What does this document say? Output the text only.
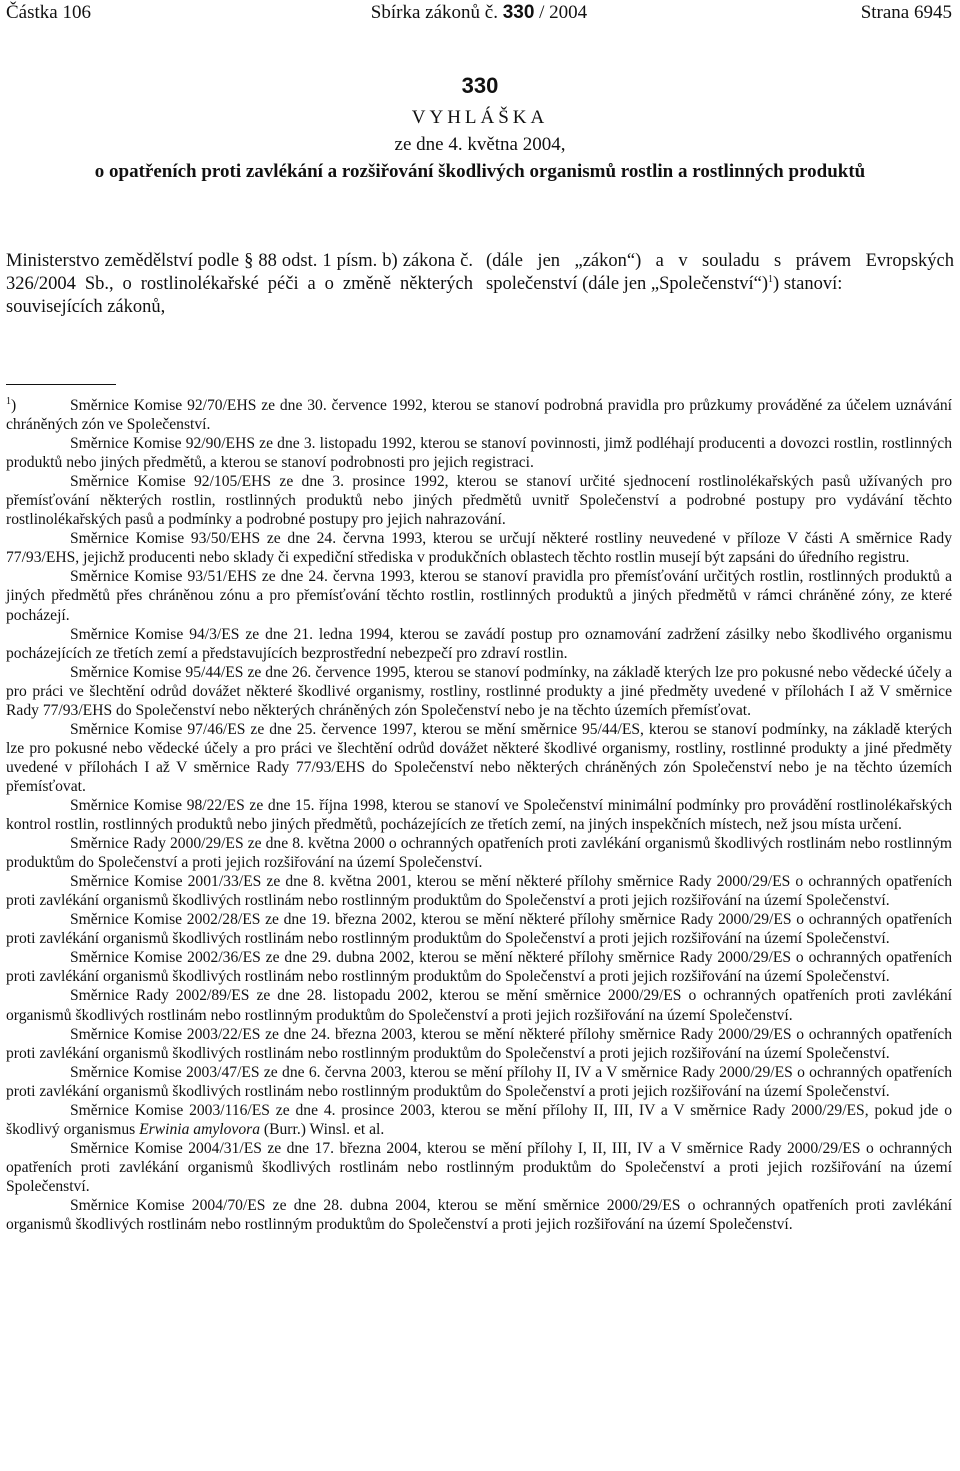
Částka 106	Sbírka zákonů č. 330 / 2004	Strana 6945
330
VYHLÁŠKA
ze dne 4. května 2004,
o opatřeních proti zavlékání a rozšiřování škodlivých organismů rostlin a rostlinných produktů
Ministerstvo zemědělství podle § 88 odst. 1 písm. b) zákona č. 326/2004 Sb., o rostlinolékařské péči a o změně některých souvisejících zákonů,
(dále jen „zákon“) a v souladu s právem Evropských společenství (dále jen „Společenství“)$^1$) stanoví:

$^1$)	Směrnice Komise 92/70/EHS ze dne 30. července 1992, kterou se stanoví podrobná pravidla pro průzkumy prováděné za účelem uznávání chráněných zón ve Společenství.

Směrnice Komise 92/90/EHS ze dne 3. listopadu 1992, kterou se stanoví povinnosti, jimž podléhají producenti a dovozci rostlin, rostlinných produktů nebo jiných předmětů, a kterou se stanoví podrobnosti pro jejich registraci.

Směrnice Komise 92/105/EHS ze dne 3. prosince 1992, kterou se stanoví určité sjednocení rostlinolékařských pasů užívaných pro přemísťování některých rostlin, rostlinných produktů nebo jiných předmětů uvnitř Společenství a podrobné postupy pro vydávání těchto rostlinolékařských pasů a podmínky a podrobné postupy pro jejich nahrazování.

Směrnice Komise 93/50/EHS ze dne 24. června 1993, kterou se určují některé rostliny neuvedené v příloze V části A směrnice Rady 77/93/EHS, jejichž producenti nebo sklady či expediční střediska v produkčních oblastech těchto rostlin musejí být zapsáni do úředního registru.

Směrnice Komise 93/51/EHS ze dne 24. června 1993, kterou se stanoví pravidla pro přemísťování určitých rostlin, rostlinných produktů a jiných předmětů přes chráněnou zónu a pro přemísťování těchto rostlin, rostlinných produktů a jiných předmětů v rámci chráněné zóny, ze které pocházejí.

Směrnice Komise 94/3/ES ze dne 21. ledna 1994, kterou se zavádí postup pro oznamování zadržení zásilky nebo škodlivého organismu pocházejících ze třetích zemí a představujících bezprostřední nebezpečí pro zdraví rostlin.

Směrnice Komise 95/44/ES ze dne 26. července 1995, kterou se stanoví podmínky, na základě kterých lze pro pokusné nebo vědecké účely a pro práci ve šlechtění odrůd dovážet některé škodlivé organismy, rostliny, rostlinné produkty a jiné předměty uvedené v přílohách I až V směrnice Rady 77/93/EHS do Společenství nebo některých chráněných zón Společenství nebo je na těchto územích přemísťovat.

Směrnice Komise 97/46/ES ze dne 25. července 1997, kterou se mění směrnice 95/44/ES, kterou se stanoví podmínky, na základě kterých lze pro pokusné nebo vědecké účely a pro práci ve šlechtění odrůd dovážet některé škodlivé organismy, rostliny, rostlinné produkty a jiné předměty uvedené v přílohách I až V směrnice Rady 77/93/EHS do Společenství nebo některých chráněných zón Společenství nebo je na těchto územích přemísťovat.

Směrnice Komise 98/22/ES ze dne 15. října 1998, kterou se stanoví ve Společenství minimální podmínky pro provádění rostlinolékařských kontrol rostlin, rostlinných produktů nebo jiných předmětů, pocházejících ze třetích zemí, na jiných inspekčních místech, než jsou místa určení.

Směrnice Rady 2000/29/ES ze dne 8. května 2000 o ochranných opatřeních proti zavlékání organismů škodlivých rostlinám nebo rostlinným produktům do Společenství a proti jejich rozšiřování na území Společenství.

Směrnice Komise 2001/33/ES ze dne 8. května 2001, kterou se mění některé přílohy směrnice Rady 2000/29/ES o ochranných opatřeních proti zavlékání organismů škodlivých rostlinám nebo rostlinným produktům do Společenství a proti jejich rozšiřování na území Společenství.

Směrnice Komise 2002/28/ES ze dne 19. března 2002, kterou se mění některé přílohy směrnice Rady 2000/29/ES o ochranných opatřeních proti zavlékání organismů škodlivých rostlinám nebo rostlinným produktům do Společenství a proti jejich rozšiřování na území Společenství.

Směrnice Komise 2002/36/ES ze dne 29. dubna 2002, kterou se mění některé přílohy směrnice Rady 2000/29/ES o ochranných opatřeních proti zavlékání organismů škodlivých rostlinám nebo rostlinným produktům do Společenství a proti jejich rozšiřování na území Společenství.

Směrnice Rady 2002/89/ES ze dne 28. listopadu 2002, kterou se mění směrnice 2000/29/ES o ochranných opatřeních proti zavlékání organismů škodlivých rostlinám nebo rostlinným produktům do Společenství a proti jejich rozšiřování na území Společenství.

Směrnice Komise 2003/22/ES ze dne 24. března 2003, kterou se mění některé přílohy směrnice Rady 2000/29/ES o ochranných opatřeních proti zavlékání organismů škodlivých rostlinám nebo rostlinným produktům do Společenství a proti jejich rozšiřování na území Společenství.

Směrnice Komise 2003/47/ES ze dne 6. června 2003, kterou se mění přílohy II, IV a V směrnice Rady 2000/29/ES o ochranných opatřeních proti zavlékání organismů škodlivých rostlinám nebo rostlinným produktům do Společenství a proti jejich rozšiřování na území Společenství.

Směrnice Komise 2003/116/ES ze dne 4. prosince 2003, kterou se mění přílohy II, III, IV a V směrnice Rady 2000/29/ES, pokud jde o škodlivý organismus Erwinia amylovora (Burr.) Winsl. et al.

Směrnice Komise 2004/31/ES ze dne 17. března 2004, kterou se mění přílohy I, II, III, IV a V směrnice Rady 2000/29/ES o ochranných opatřeních proti zavlékání organismů škodlivých rostlinám nebo rostlinným produktům do Společenství a proti jejich rozšiřování na území Společenství.

Směrnice Komise 2004/70/ES ze dne 28. dubna 2004, kterou se mění směrnice 2000/29/ES o ochranných opatřeních proti zavlékání organismů škodlivých rostlinám nebo rostlinným produktům do Společenství a proti jejich rozšiřování na území Společenství.
